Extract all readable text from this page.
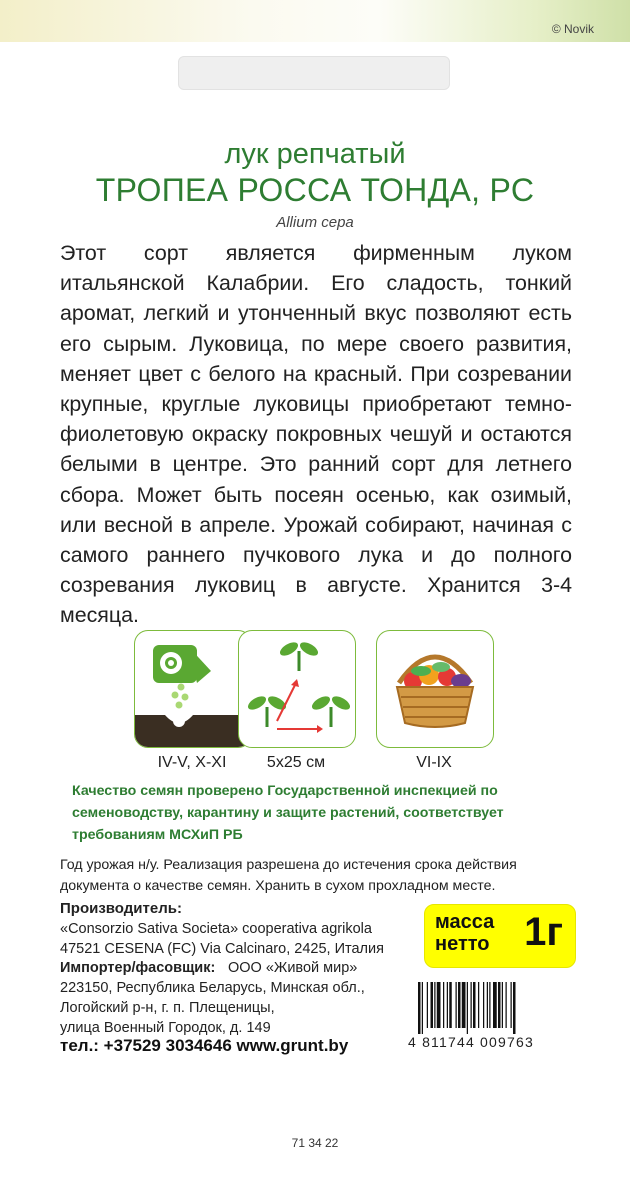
© Novik
лук репчатый
ТРОПЕА РОССА ТОНДА, РС
Allium cepa
Этот сорт является фирменным луком итальянской Калабрии. Его сладость, тонкий аромат, легкий и утонченный вкус позволяют есть его сырым. Луковица, по мере своего развития, меняет цвет с белого на красный. При созревании крупные, круглые луковицы приобретают темно-фиолетовую окраску покровных чешуй и остаются белыми в центре. Это ранний сорт для летнего сбора. Может быть посеян осенью, как озимый, или весной в апреле. Урожай собирают, начиная с самого раннего пучкового лука и до полного созревания луковиц в августе. Хранится 3-4 месяца.
IV-V, X-XI	5x25 см	VI-IX
Качество семян проверено Государственной инспекцией по семеноводству, карантину и защите растений, соответствует требованиям МСХиП РБ
Год урожая н/у. Реализация разрешена до истечения срока действия документа о качестве семян. Хранить в сухом прохладном месте.
Производитель:
«Consorzio Sativa Societa» cooperativa agrikola
47521 CESENA (FC) Via Calcinaro, 2425, Италия
Импортер/фасовщик: ООО «Живой мир»
223150, Республика Беларусь, Минская обл.,
Логойский р-н, г. п. Плещеницы,
улица Военный Городок, д. 149
тел.: +37529 3034646 www.grunt.by
масса
нетто 1г
4 811744 009763
71 34 22
